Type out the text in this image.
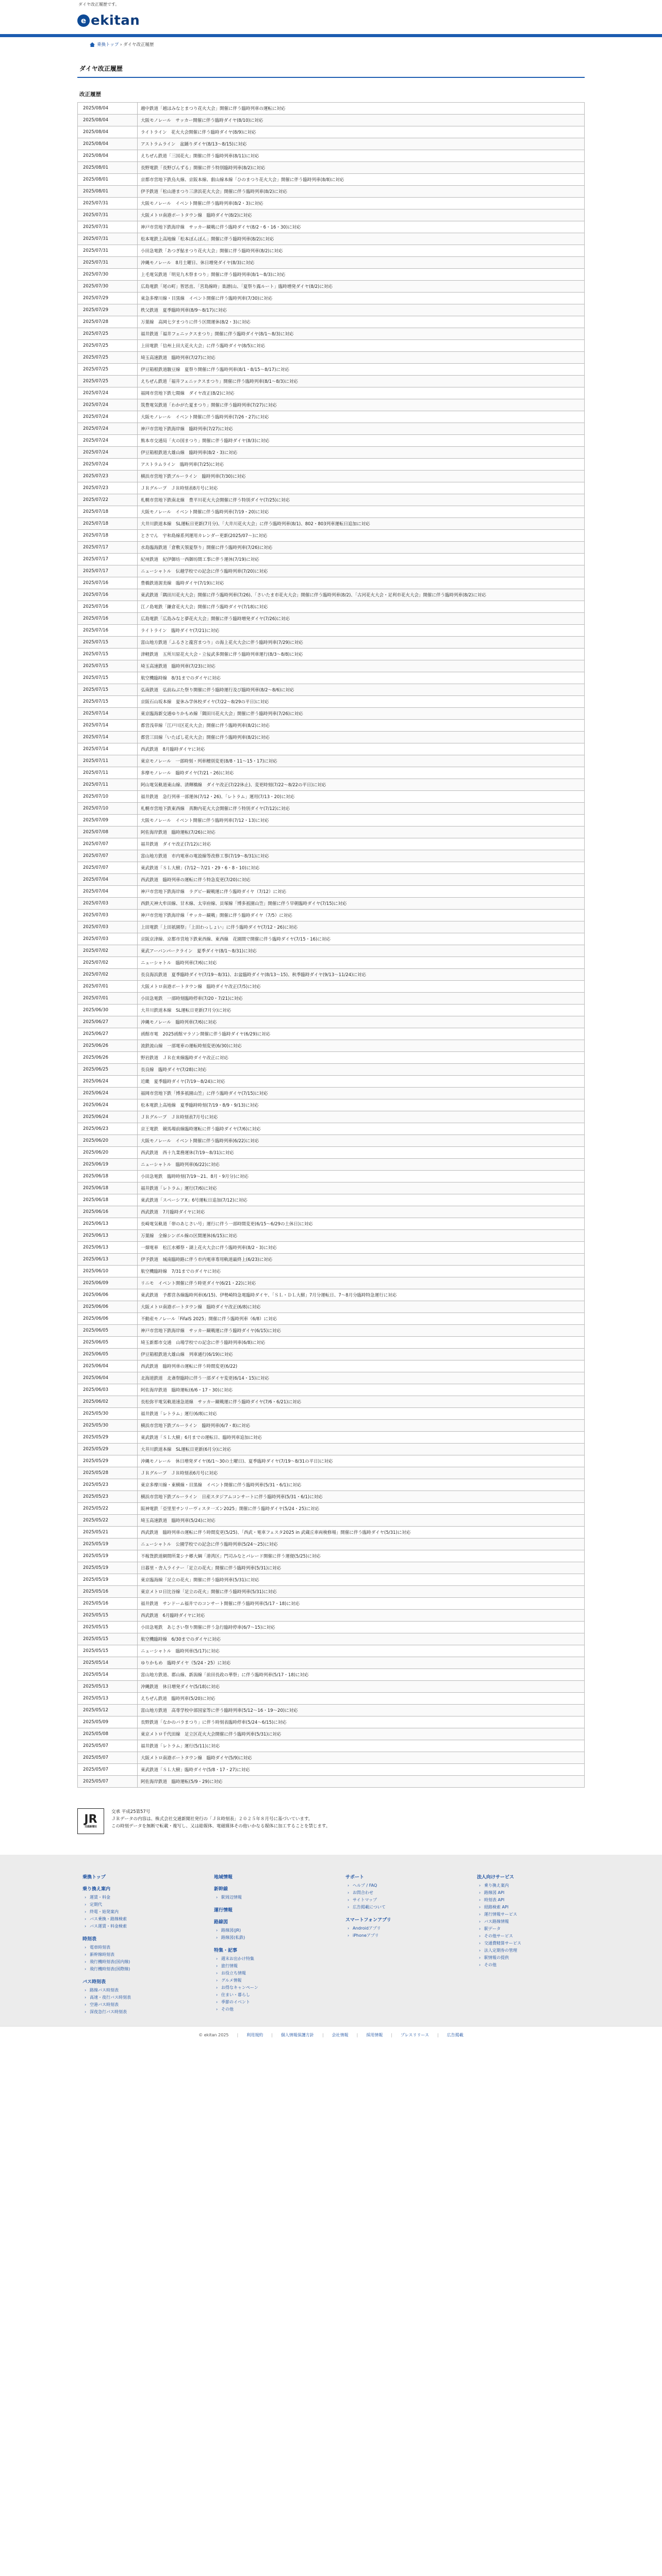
ダイヤ改正履歴です。
e ekitan
乗換トップ › ダイヤ改正履歴
ダイヤ改正履歴
改正履歴
2025/08/04	越中鉄道「越ほみなとまつり花火大会」開催に伴う臨時列車の運転に対応
2025/08/04	大阪モノレール　サッカー開催に伴う臨時ダイヤ(8/10)に対応
2025/08/04	ライトライン　花火大会開催に伴う臨時ダイヤ(8/9)に対応
2025/08/04	アストラムライン　盆踊りダイヤ(8/13〜8/15)に対応
2025/08/04	えちぜん鉄道「三国花火」開催に伴う臨時列車(8/11)に対応
2025/08/01	長野電鉄「長野びんずる」開催に伴う特別臨時列車(8/2)に対応
2025/08/01	京都市営地下鉄烏丸線、京阪本線、叡山線本線「ひのまつり花火大会」開催に伴う臨時列車(8/8)に対応
2025/08/01	伊予鉄道「松山港まつり三津浜花火大会」開催に伴う臨時列車(8/2)に対応
2025/07/31	大阪モノレール　イベント開催に伴う臨時列車(8/2・3)に対応
2025/07/31	大阪メトロ南港ポートタウン線　臨時ダイヤ(8/2)に対応
2025/07/31	神戸市営地下鉄海岸線　サッカー観戦に伴う臨時ダイヤ(8/2・6・16・30)に対応
2025/07/31	松本電鉄上高地線「松本ぼんぼん」開催に伴う臨時列車(8/2)に対応
2025/07/31	小田急電鉄「あつぎ鮎まつり花火大会」開催に伴う臨時列車(8/2)に対応
2025/07/31	沖縄モノレール　8月土曜日、休日増発ダイヤ(8/3)に対応
2025/07/30	上毛電気鉄道「明見九木祭まつり」開催に伴う臨時列車(8/1〜8/3)に対応
2025/07/30	広島電鉄「尾の町」智思直、「宮島線時」楽譜(山、「夏祭り露ルート」臨時増発ダイヤ(8/2)に対応
2025/07/29	東急多摩川線・目黒線　イベント開催に伴う臨時列車(7/30)に対応
2025/07/29	秩父鉄道　夏季臨時列車(8/9〜8/17)に対応
2025/07/28	万葉線　高岡七夕まつりに伴う区間運休(8/2・3)に対応
2025/07/25	福井鉄道「福井フェニックスまつり」開催に伴う臨時ダイヤ(8/1〜8/3)に対応
2025/07/25	上田電鉄「信州上田大花火大会」に伴う臨時ダイヤ(8/5)に対応
2025/07/25	埼玉高速鉄道　臨時列車(7/27)に対応
2025/07/25	伊豆箱根鉄道駿豆線　夏祭り開催に伴う臨時列車(8/1・8/15〜8/17)に対応
2025/07/25	えちぜん鉄道「福井フェニックスまつり」開催に伴う臨時列車(8/1〜8/3)に対応
2025/07/24	福岡市営地下鉄七隈線　ダイヤ改正(8/2)に対応
2025/07/24	筑豊電気鉄道「わかがた夏まつり」開催に伴う臨時列車(7/27)に対応
2025/07/24	大阪モノレール　イベント開催に伴う臨時列車(7/26・27)に対応
2025/07/24	神戸市営地下鉄海岸線　臨時列車(7/27)に対応
2025/07/24	熊本市交通局「火の国まつり」開催に伴う臨時ダイヤ(8/3)に対応
2025/07/24	伊豆箱根鉄道大雄山線　臨時列車(8/2・3)に対応
2025/07/24	アストラムライン　臨時列車(7/25)に対応
2025/07/23	横浜市営地下鉄ブルーライン　臨時列車(7/30)に対応
2025/07/23	ＪＲグループ　ＪＲ時刻表8月号に対応
2025/07/22	札幌市営地下鉄南北線　豊平川花火大会開催に伴う特別ダイヤ(7/25)に対応
2025/07/18	大阪モノレール　イベント開催に伴う臨時列車(7/19・20)に対応
2025/07/18	大井川鉄道本線　SL運転日更新(7月分)、「大井川花火大会」に伴う臨時列車(8/1)、802・803列車運転日追加に対応
2025/07/18	とさでん　宇和島線系列運用カレンダー更新(2025/07〜)に対応
2025/07/17	水島臨海鉄道「倉敷天領夏祭り」開催に伴う臨時列車(7/26)に対応
2025/07/17	紀州鉄道　紀伊御坊一西御坊間工事に伴う運休(7/19)に対応
2025/07/17	ニューシャトル　伝越学校での記念に伴う臨時列車(7/20)に対応
2025/07/16	豊橋鉄道渥美線　臨時ダイヤ(7/19)に対応
2025/07/16	東武鉄道「隅田川花火大会」開催に伴う臨時列車(7/26)、「さいたま市花火大会」開催に伴う臨時列車(8/2)、「古河花火大会・足利市花火大会」開催に伴う臨時列車(8/2)に対応
2025/07/16	江ノ島電鉄「鎌倉花火大会」開催に伴う臨時ダイヤ(7/18)に対応
2025/07/16	広島電鉄「広島みなと夢花火大会」開催に伴う臨時増発ダイヤ(7/26)に対応
2025/07/16	ライトライン　臨時ダイヤ(7/21)に対応
2025/07/15	富山地方鉄道「ふるさと龍宮まつり」の海上花火大会に伴う臨時列車(7/29)に対応
2025/07/15	津軽鉄道　五所川原花火大会・立佞武多開催に伴う臨時列車運行(8/3〜8/8)に対応
2025/07/15	埼玉高速鉄道　臨時列車(7/23)に対応
2025/07/15	航空機臨時線　8/31までのダイヤに対応
2025/07/15	弘南鉄道　弘前ねぶた祭り開催に伴う臨時運行及び臨時列車(8/2〜8/6)に対応
2025/07/15	京阪石山坂本線　夏休み学休校ダイヤ(7/22〜8/29の平日)に対応
2025/07/14	東京臨海新交通ゆりかもめ線「隅田川花火大会」開催に伴う臨時列車(7/26)に対応
2025/07/14	都営浅草線「江戸川区花火大会」開催に伴う臨時列車(8/2)に対応
2025/07/14	都営三田線「いたばし花火大会」開催に伴う臨時列車(8/2)に対応
2025/07/14	西武鉄道　8月臨時ダイヤに対応
2025/07/11	東京モノレール　一部時刻・列車種別変更(8/8・11〜15・17)に対応
2025/07/11	多摩モノレール　臨時ダイヤ(7/21・26)に対応
2025/07/11	阿山電気軌道東山線、清輝橋線　ダイヤ改正(7/22休止)、変更時刻(7/22〜8/22の平日)に対応
2025/07/10	福井鉄道　急行列車一部運休(7/12・26)、「レトラム」運用(7/13・20)に対応
2025/07/10	札幌市営地下鉄東西線　真駒内花火大会開催に伴う特別ダイヤ(7/12)に対応
2025/07/09	大阪モノレール　イベント開催に伴う臨時列車(7/12・13)に対応
2025/07/08	阿佐海岸鉄道　臨時運転(7/26)に対応
2025/07/07	福井鉄道　ダイヤ改正(7/12)に対応
2025/07/07	富山地方鉄道　市内電車の電設線等改修工事(7/19〜8/31)に対応
2025/07/07	東武鉄道「ＳＬ大樹」(7/12〜7/21・29・6・8・10)に対応
2025/07/04	西武鉄道　臨時列車の運転に伴う特急変更(7/20)に対応
2025/07/04	神戸市営地下鉄海岸線　ラグビー観戦運に伴う臨時ダイヤ（7/12）に対応
2025/07/03	西鉄天神大牟田線、甘木線、太宰府線、貝塚線「博多祇園山笠」開催に伴う早朝臨時ダイヤ(7/15)に対応
2025/07/03	神戸市営地下鉄海岸線「サッカー観戦」開催に伴う臨時ダイヤ（7/5）に対応
2025/07/03	上田電鉄「上田祇園祭」「上田わっしょい」に伴う臨時ダイヤ(7/12・26)に対応
2025/07/03	京阪京津線、京都市営地下鉄東西線、東西線　花園間で開催に伴う臨時ダイヤ(7/15・16)に対応
2025/07/02	東武アーバンパークライン　夏季ダイヤ(8/1〜8/31)に対応
2025/07/02	ニューシャトル　臨時列車(7/6)に対応
2025/07/02	長良海浜鉄道　夏季臨時ダイヤ(7/19〜8/31)、お盆臨時ダイヤ(8/13〜15)、秋季臨時ダイヤ(9/13〜11/24)に対応
2025/07/01	大阪メトロ南港ポートタウン線　臨時ダイヤ改正(7/5)に対応
2025/07/01	小田急電鉄　一部時刻臨時停車(7/20・7/21)に対応
2025/06/30	大井川鉄道本線　SL運転日更新(7月分)に対応
2025/06/27	沖縄モノレール　臨時列車(7/6)に対応
2025/06/27	函館市電　2025函館マラソン開催に伴う臨時ダイヤ(6/29)に対応
2025/06/26	流鉄流山線　一部電車の運転時刻変更(6/30)に対応
2025/06/26	野岩鉄道　ＪＲ在来線臨時ダイヤ改正に対応
2025/06/25	長良線　臨時ダイヤ(7/28)に対応
2025/06/24	近畿　夏季臨時ダイヤ(7/19〜8/24)に対応
2025/06/24	福岡市営地下鉄「博多祇園山笠」に伴う臨時ダイヤ(7/15)に対応
2025/06/24	松本電鉄上高地線　夏季臨時時刻(7/19・8/9・9/13)に対応
2025/06/24	ＪＲグループ　ＪＲ時刻表7月号に対応
2025/06/23	京王電鉄　競馬場前線臨時運転に伴う臨時ダイヤ(7/6)に対応
2025/06/20	大阪モノレール　イベント開催に伴う臨時列車(6/22)に対応
2025/06/20	西武鉄道　西十九業務運休(7/19〜8/31)に対応
2025/06/19	ニューシャトル　臨時列車(6/22)に対応
2025/06/18	小田急電鉄　臨時時刻(7/19〜21、8月・9月分)に対応
2025/06/18	福井鉄道「レトラム」運行(7/6)に対応
2025/06/18	東武鉄道「スペーシアX」6号運転日追加(7/12)に対応
2025/06/16	西武鉄道　7月臨時ダイヤに対応
2025/06/13	長崎電気軌道「帯のあじさい号」運行に伴う一部時間変更(6/15〜6/29の土休日)に対応
2025/06/13	万葉線　全線シンボル線の区間運休(6/15)に対応
2025/06/13	一畑電車　松江水郷祭・湖上花火大会に伴う臨時列車(8/2・3)に対応
2025/06/13	伊予鉄道　城南臨時路に伴う市内電車専用軌道最終上(6/23)に対応
2025/06/10	航空機臨時線　7/31までのダイヤに対応
2025/06/09	リニモ　イベント開催に伴う時更ダイヤ(6/21・22)に対応
2025/06/06	東武鉄道　予都営各線臨時列車(6/15)、伊勢崎特急電臨時ダイヤ、「ＳＬ・ＤＬ大樹」7月分運転日、7〜8月分臨時特急運行に対応
2025/06/06	大阪メトロ南港ポートタウン線　臨時ダイヤ改正(6/8)に対応
2025/06/06	不動産モノレール「FifaIS 2025」開催に伴う臨時列車（6/8）に対応
2025/06/05	神戸市営地下鉄海岸線　サッカー観戦運に伴う臨時ダイヤ(6/15)に対応
2025/06/05	埼玉新都市交通　山場学校での記念に伴う臨時列車(6/8)に対応
2025/06/05	伊豆箱根鉄道大雄山線　列車通行(6/19)に対応
2025/06/04	西武鉄道　臨時列車の運転に伴う時間変更(6/22)
2025/06/04	北海道鉄道　北斎祭臨時に伴う一部ダイヤ変更(6/14・15)に対応
2025/06/03	阿佐海岸鉄道　臨時運転(6/6・17・30)に対応
2025/06/02	長松弥平電気軌道速急道線　サッカー観戦運に伴う臨時ダイヤ(7/6・6/21)に対応
2025/05/30	福井鉄道「レトラム」運行(6/8)に対応
2025/05/30	横浜市営地下鉄ブルーライン　臨時列車(6/7・8)に対応
2025/05/29	東武鉄道「ＳＬ大樹」6月までの運転日、臨時列車追加に対応
2025/05/29	大井川鉄道本線　SL運転日更新(6月分)に対応
2025/05/29	沖縄モノレール　休日増発ダイヤ(6/1〜30の土曜日)、夏季臨時ダイヤ(7/19〜8/31の平日)に対応
2025/05/28	ＪＲグループ　ＪＲ時刻表6月号に対応
2025/05/23	東京多摩川線・東横線・目黒線　イベント開催に伴う臨時列車(5/31・6/1)に対応
2025/05/23	横浜市営地下鉄ブルーライン　日産スタジアムコンサートに伴う臨時列車(5/31・6/1)に対応
2025/05/22	阪神電鉄「亞里里サンリーヴィスタ一ズン2025」開催に伴う臨時ダイヤ(5/24・25)に対応
2025/05/22	埼玉高速鉄道　臨時列車(5/24)に対応
2025/05/21	西武鉄道　臨時列車の運転に伴う時間変更(5/25)、「西武・電車フェスタ2025 in 武蔵丘車両検修場」開催に伴う臨時ダイヤ(5/31)に対応
2025/05/19	ニューシャトル　公園学校での記念に伴う臨時列車(5/24〜25)に対応
2025/05/19	不稼貨鉄道網間所業シナ郷大綱「港湾区」門司みなとパレード開催に伴う運便(5/25)に対応
2025/05/19	日暮里・舎人ライナー「足立の花火」開催に伴う臨時列車(5/31)に対応
2025/05/19	東京臨海線「足立の花火」開催に伴う臨時列車(5/31)に対応
2025/05/16	東京メトロ日比谷線「足立の花火」開催に伴う臨時列車(5/31)に対応
2025/05/16	福井鉄道　サンドーム福井でのコンサート開催に伴う臨時列車(5/17・18)に対応
2025/05/15	西武鉄道　6月臨時ダイヤに対応
2025/05/15	小田急電鉄　あじさい祭り開催に伴う急行臨時停車(6/7〜15)に対応
2025/05/15	航空機臨時線　6/30までのダイヤに対応
2025/05/15	ニューシャトル　臨時列車(5/17)に対応
2025/05/14	ゆりかもめ　臨時ダイヤ（5/24・25）に対応
2025/05/14	富山地方鉄道、郡山線、新潟線「前田長政の華祭」に伴う臨時列車(5/17・18)に対応
2025/05/13	沖縄鉄道　休日増発ダイヤ(5/18)に対応
2025/05/13	えちぜん鉄道　臨時列車(5/20)に対応
2025/05/12	富山地方鉄道　高専学校中部国家等に伴う臨時列車(5/12〜16・19〜20)に対応
2025/05/09	長野鉄道「なかのバラまつり」に伴う時刻表臨時停車(5/24〜6/15)に対応
2025/05/08	東京メトロ千代田線　足立区花火大会開催に伴う臨時列車(5/31)に対応
2025/05/07	福井鉄道「レトラム」運行(5/11)に対応
2025/05/07	大阪メトロ南港ポートタウン線　臨時ダイヤ(5/9)に対応
2025/05/07	東武鉄道「ＳＬ大樹」臨時ダイヤ(5/8・17・27)に対応
2025/05/07	阿佐海岸鉄道　臨時運転(5/9・29)に対応
JR
交通新聞社
交承 平成25第57号
ＪＲデータの内容は、株式会社交通新聞社発行の「ＪＲ時刻表」２０２５年８月号に基づいています。
この時刻データを無断で転載・複写し、又は総媒体、電磁媒体その他いかなる媒体に加工することを禁じます。
乗換トップ
乗り換え案内
› 運賃・料金
› 定期代
› 終電・始発案内
› バス乗換・路線検索
› バス運賃・料金検索
時刻表
› 電車時刻表
› 新幹線時刻表
› 飛行機時刻表(国内線)
› 飛行機時刻表(国際線)
バス時刻表
› 路線バス時刻表
› 高速・夜行バス時刻表
› 空港バス時刻表
› 深夜急行バス時刻表
地域情報
新幹線
› 駅周辺情報
運行情報
路線図
› 路線図(JR)
› 路線図(私鉄)
特集・記事
› 週末お出かけ特集
› 旅行情報
› お役立ち情報
› グルメ情報
› お得なキャンペーン
› 住まい・暮らし
› 季節のイベント
› その他
サポート
› ヘルプ / FAQ
› お問合わせ
› サイトマップ
› 広告掲載について
スマートフォンアプリ
› Androidアプリ
› iPhoneアプリ
法人向けサービス
› 乗り換え案内
› 路線図 API
› 時刻表 API
› 経路検索 API
› 運行情報サービス
› バス路線情報
› 駅データ
› その他サービス
› 交通費精算サービス
› 法人定期券の管理
› 駅情報の提供
› その他
© ekitan 2025 | 利用規約 | 個人情報保護方針 | 会社情報 | 採用情報 | プレスリリース | 広告掲載
